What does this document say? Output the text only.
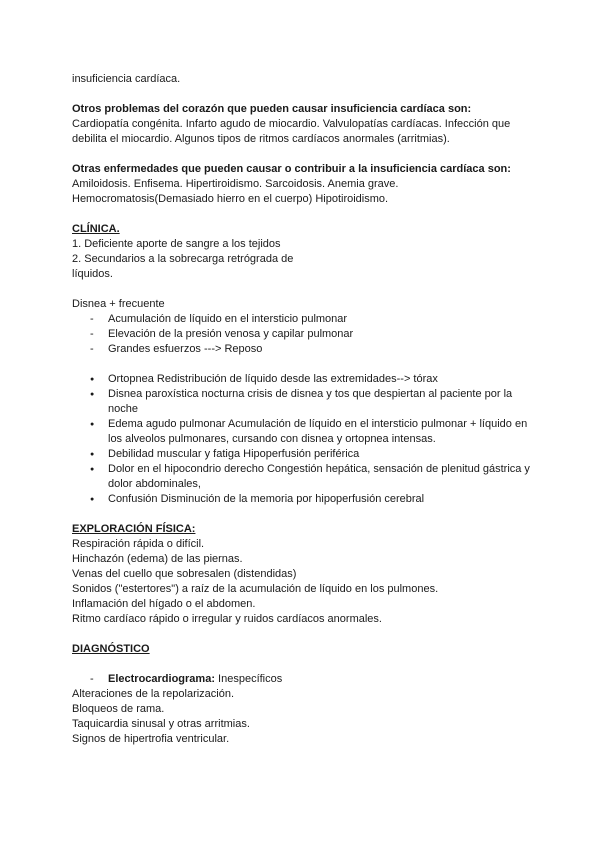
insuficiencia cardíaca.

Otros problemas del corazón que pueden causar insuficiencia cardíaca son:

Cardiopatía congénita. Infarto agudo de miocardio. Valvulopatías cardíacas. Infección que

debilita el miocardio. Algunos tipos de ritmos cardíacos anormales (arritmias).

Otras enfermedades que pueden causar o contribuir a la insuficiencia cardíaca son:

Amiloidosis. Enfisema. Hipertiroidismo. Sarcoidosis. Anemia grave.

Hemocromatosis(Demasiado hierro en el cuerpo) Hipotiroidismo.

CLÍNICA.

1. Deficiente aporte de sangre a los tejidos

2. Secundarios a la sobrecarga retrógrada de

líquidos.

Disnea + frecuente

- Acumulación de líquido en el intersticio pulmonar
- Elevación de la presión venosa y capilar pulmonar
- Grandes esfuerzos ---> Reposo
● Ortopnea Redistribución de líquido desde las extremidades--> tórax
● Disnea paroxística nocturna crisis de disnea y tos que despiertan al paciente por la noche
● Edema agudo pulmonar Acumulación de líquido en el intersticio pulmonar + líquido en los alveolos pulmonares, cursando con disnea y ortopnea intensas.
● Debilidad muscular y fatiga Hipoperfusión periférica
● Dolor en el hipocondrio derecho Congestión hepática, sensación de plenitud gástrica y dolor abdominales,
● Confusión Disminución de la memoria por hipoperfusión cerebral

EXPLORACIÓN FÍSICA:

Respiración rápida o difícil.

Hinchazón (edema) de las piernas.

Venas del cuello que sobresalen (distendidas)

Sonidos ("estertores") a raíz de la acumulación de líquido en los pulmones.

Inflamación del hígado o el abdomen.

Ritmo cardíaco rápido o irregular y ruidos cardíacos anormales.

DIAGNÓSTICO

- Electrocardiograma: Inespecíficos

Alteraciones de la repolarización.

Bloqueos de rama.

Taquicardia sinusal y otras arritmias.

Signos de hipertrofia ventricular.
